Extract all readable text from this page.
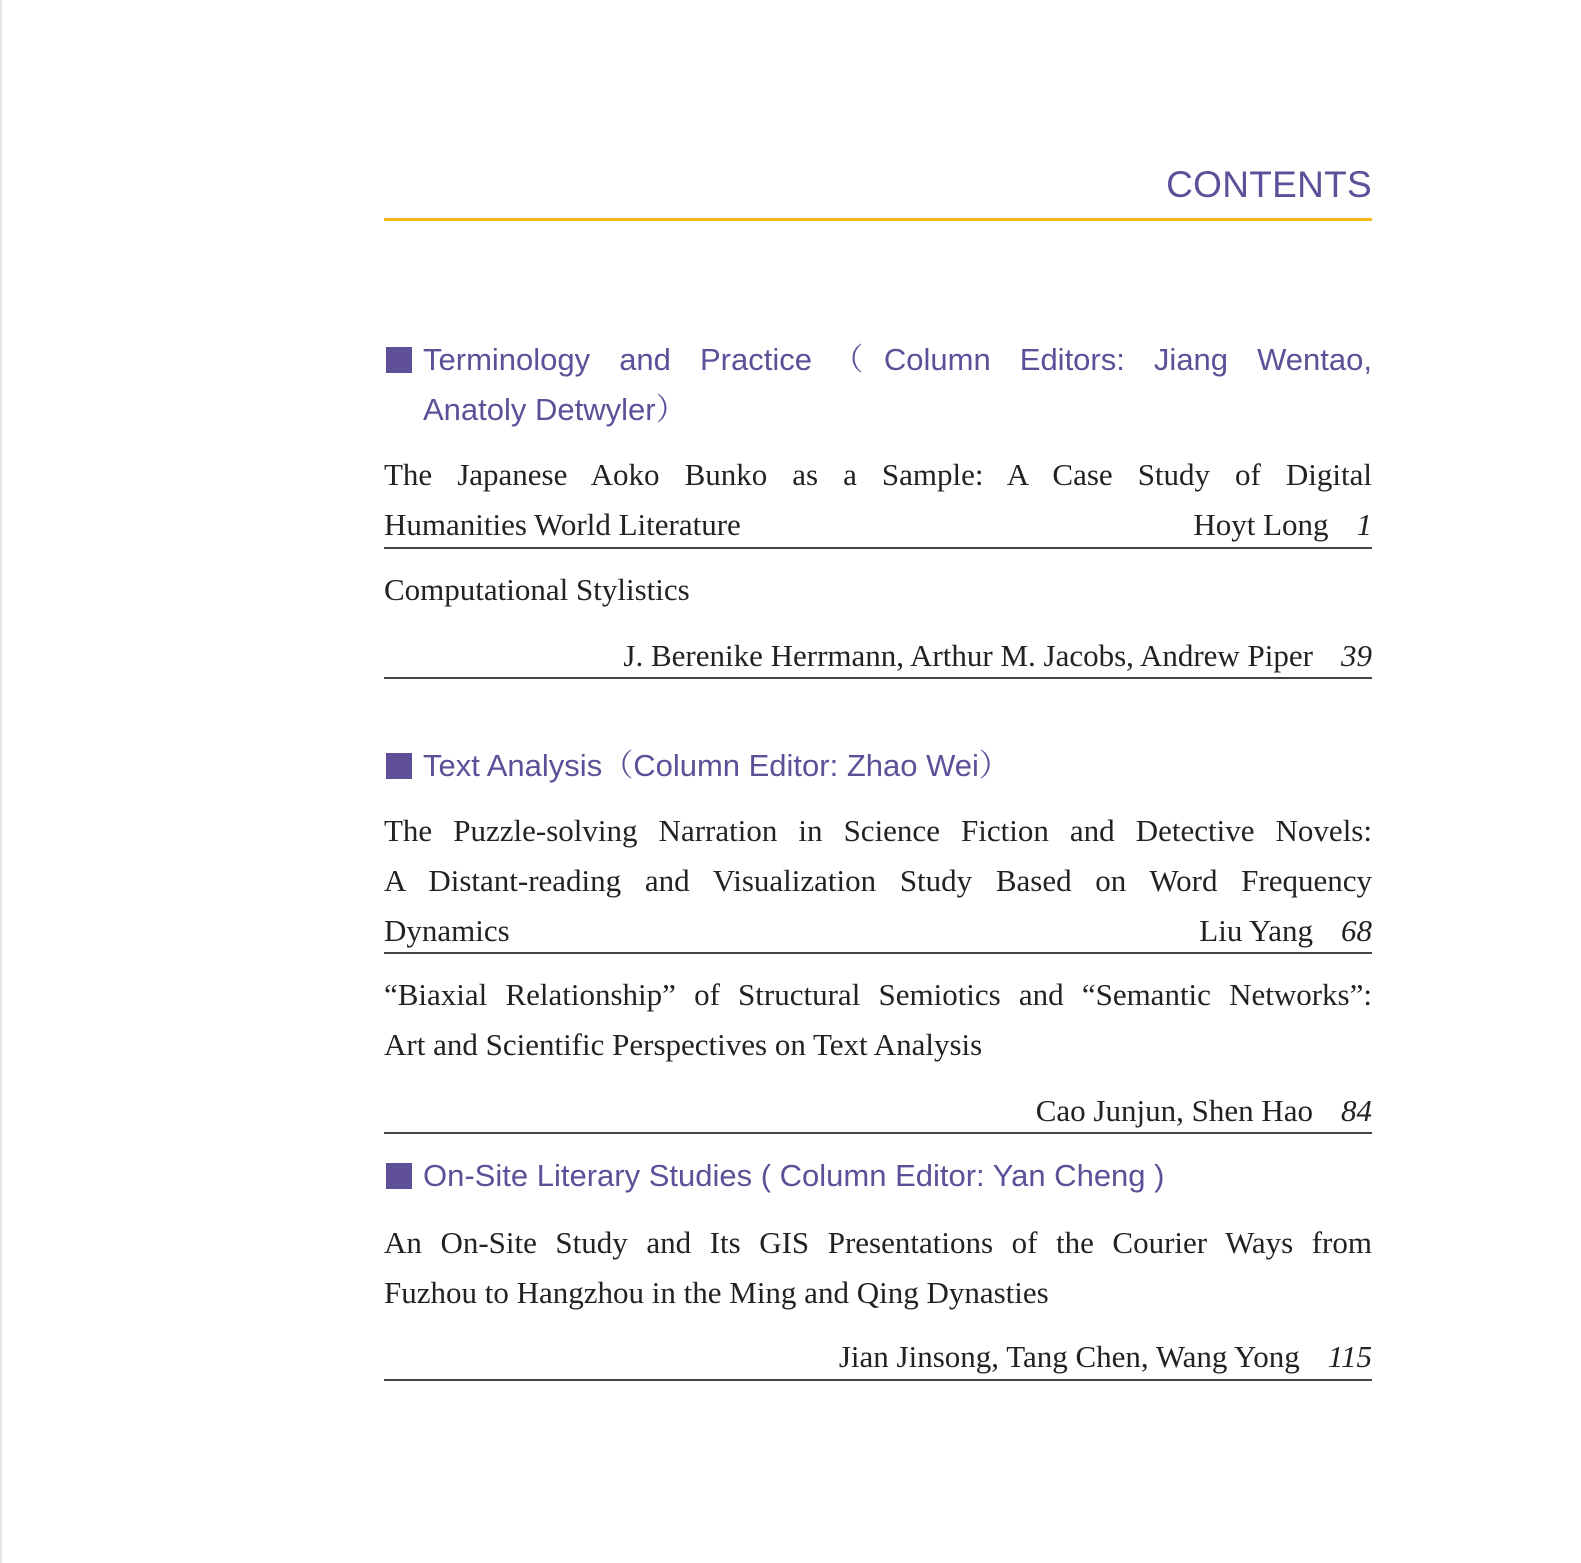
CONTENTS
Terminology and Practice（Column Editors: Jiang Wentao,
Anatoly Detwyler）
The Japanese Aoko Bunko as a Sample: A Case Study of Digital
Humanities World Literature	Hoyt Long 1
Computational Stylistics
J. Berenike Herrmann, Arthur M. Jacobs, Andrew Piper 39
Text Analysis（Column Editor: Zhao Wei）
The Puzzle-solving Narration in Science Fiction and Detective Novels:
A Distant-reading and Visualization Study Based on Word Frequency
Dynamics	Liu Yang 68
“Biaxial Relationship” of Structural Semiotics and “Semantic Networks”:
Art and Scientific Perspectives on Text Analysis
Cao Junjun, Shen Hao 84
On-Site Literary Studies ( Column Editor: Yan Cheng )
An On-Site Study and Its GIS Presentations of the Courier Ways from
Fuzhou to Hangzhou in the Ming and Qing Dynasties
Jian Jinsong, Tang Chen, Wang Yong 115
